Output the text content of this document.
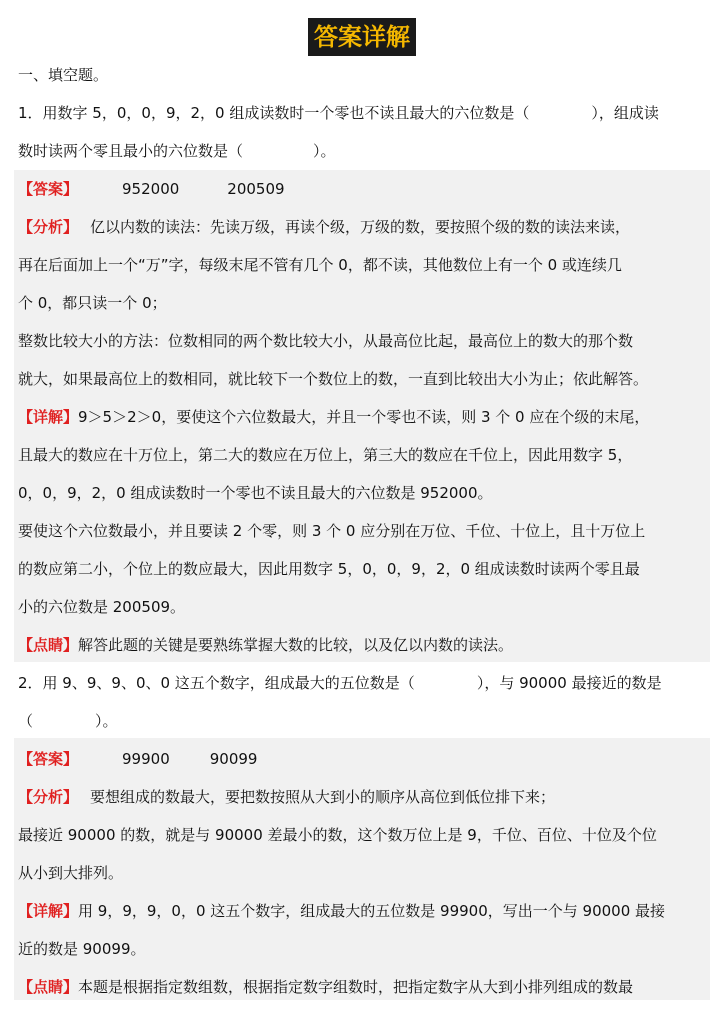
答案详解
一、填空题。
1．用数字 5，0，0，9，2，0 组成读数时一个零也不读且最大的六位数是（	），组成读
数时读两个零且最小的六位数是（	）。
【答案】	952000	200509
【分析】 亿以内数的读法：先读万级，再读个级，万级的数，要按照个级的数的读法来读，
再在后面加上一个“万”字，每级末尾不管有几个 0，都不读，其他数位上有一个 0 或连续几
个 0，都只读一个 0；
整数比较大小的方法：位数相同的两个数比较大小，从最高位比起，最高位上的数大的那个数
就大，如果最高位上的数相同，就比较下一个数位上的数，一直到比较出大小为止；依此解答。
【详解】9＞5＞2＞0，要使这个六位数最大，并且一个零也不读，则 3 个 0 应在个级的末尾，
且最大的数应在十万位上，第二大的数应在万位上，第三大的数应在千位上，因此用数字 5，
0，0，9，2，0 组成读数时一个零也不读且最大的六位数是 952000。
要使这个六位数最小，并且要读 2 个零，则 3 个 0 应分别在万位、千位、十位上，且十万位上
的数应第二小，个位上的数应最大，因此用数字 5，0，0，9，2，0 组成读数时读两个零且最
小的六位数是 200509。
【点睛】解答此题的关键是要熟练掌握大数的比较，以及亿以内数的读法。
2．用 9、9、9、0、0 这五个数字，组成最大的五位数是（	），与 90000 最接近的数是
（	）。
【答案】	99900	90099
【分析】 要想组成的数最大，要把数按照从大到小的顺序从高位到低位排下来；
最接近 90000 的数，就是与 90000 差最小的数，这个数万位上是 9，千位、百位、十位及个位
从小到大排列。
【详解】用 9，9，9，0，0 这五个数字，组成最大的五位数是 99900，写出一个与 90000 最接
近的数是 90099。
【点睛】本题是根据指定数组数，根据指定数字组数时，把指定数字从大到小排列组成的数最
